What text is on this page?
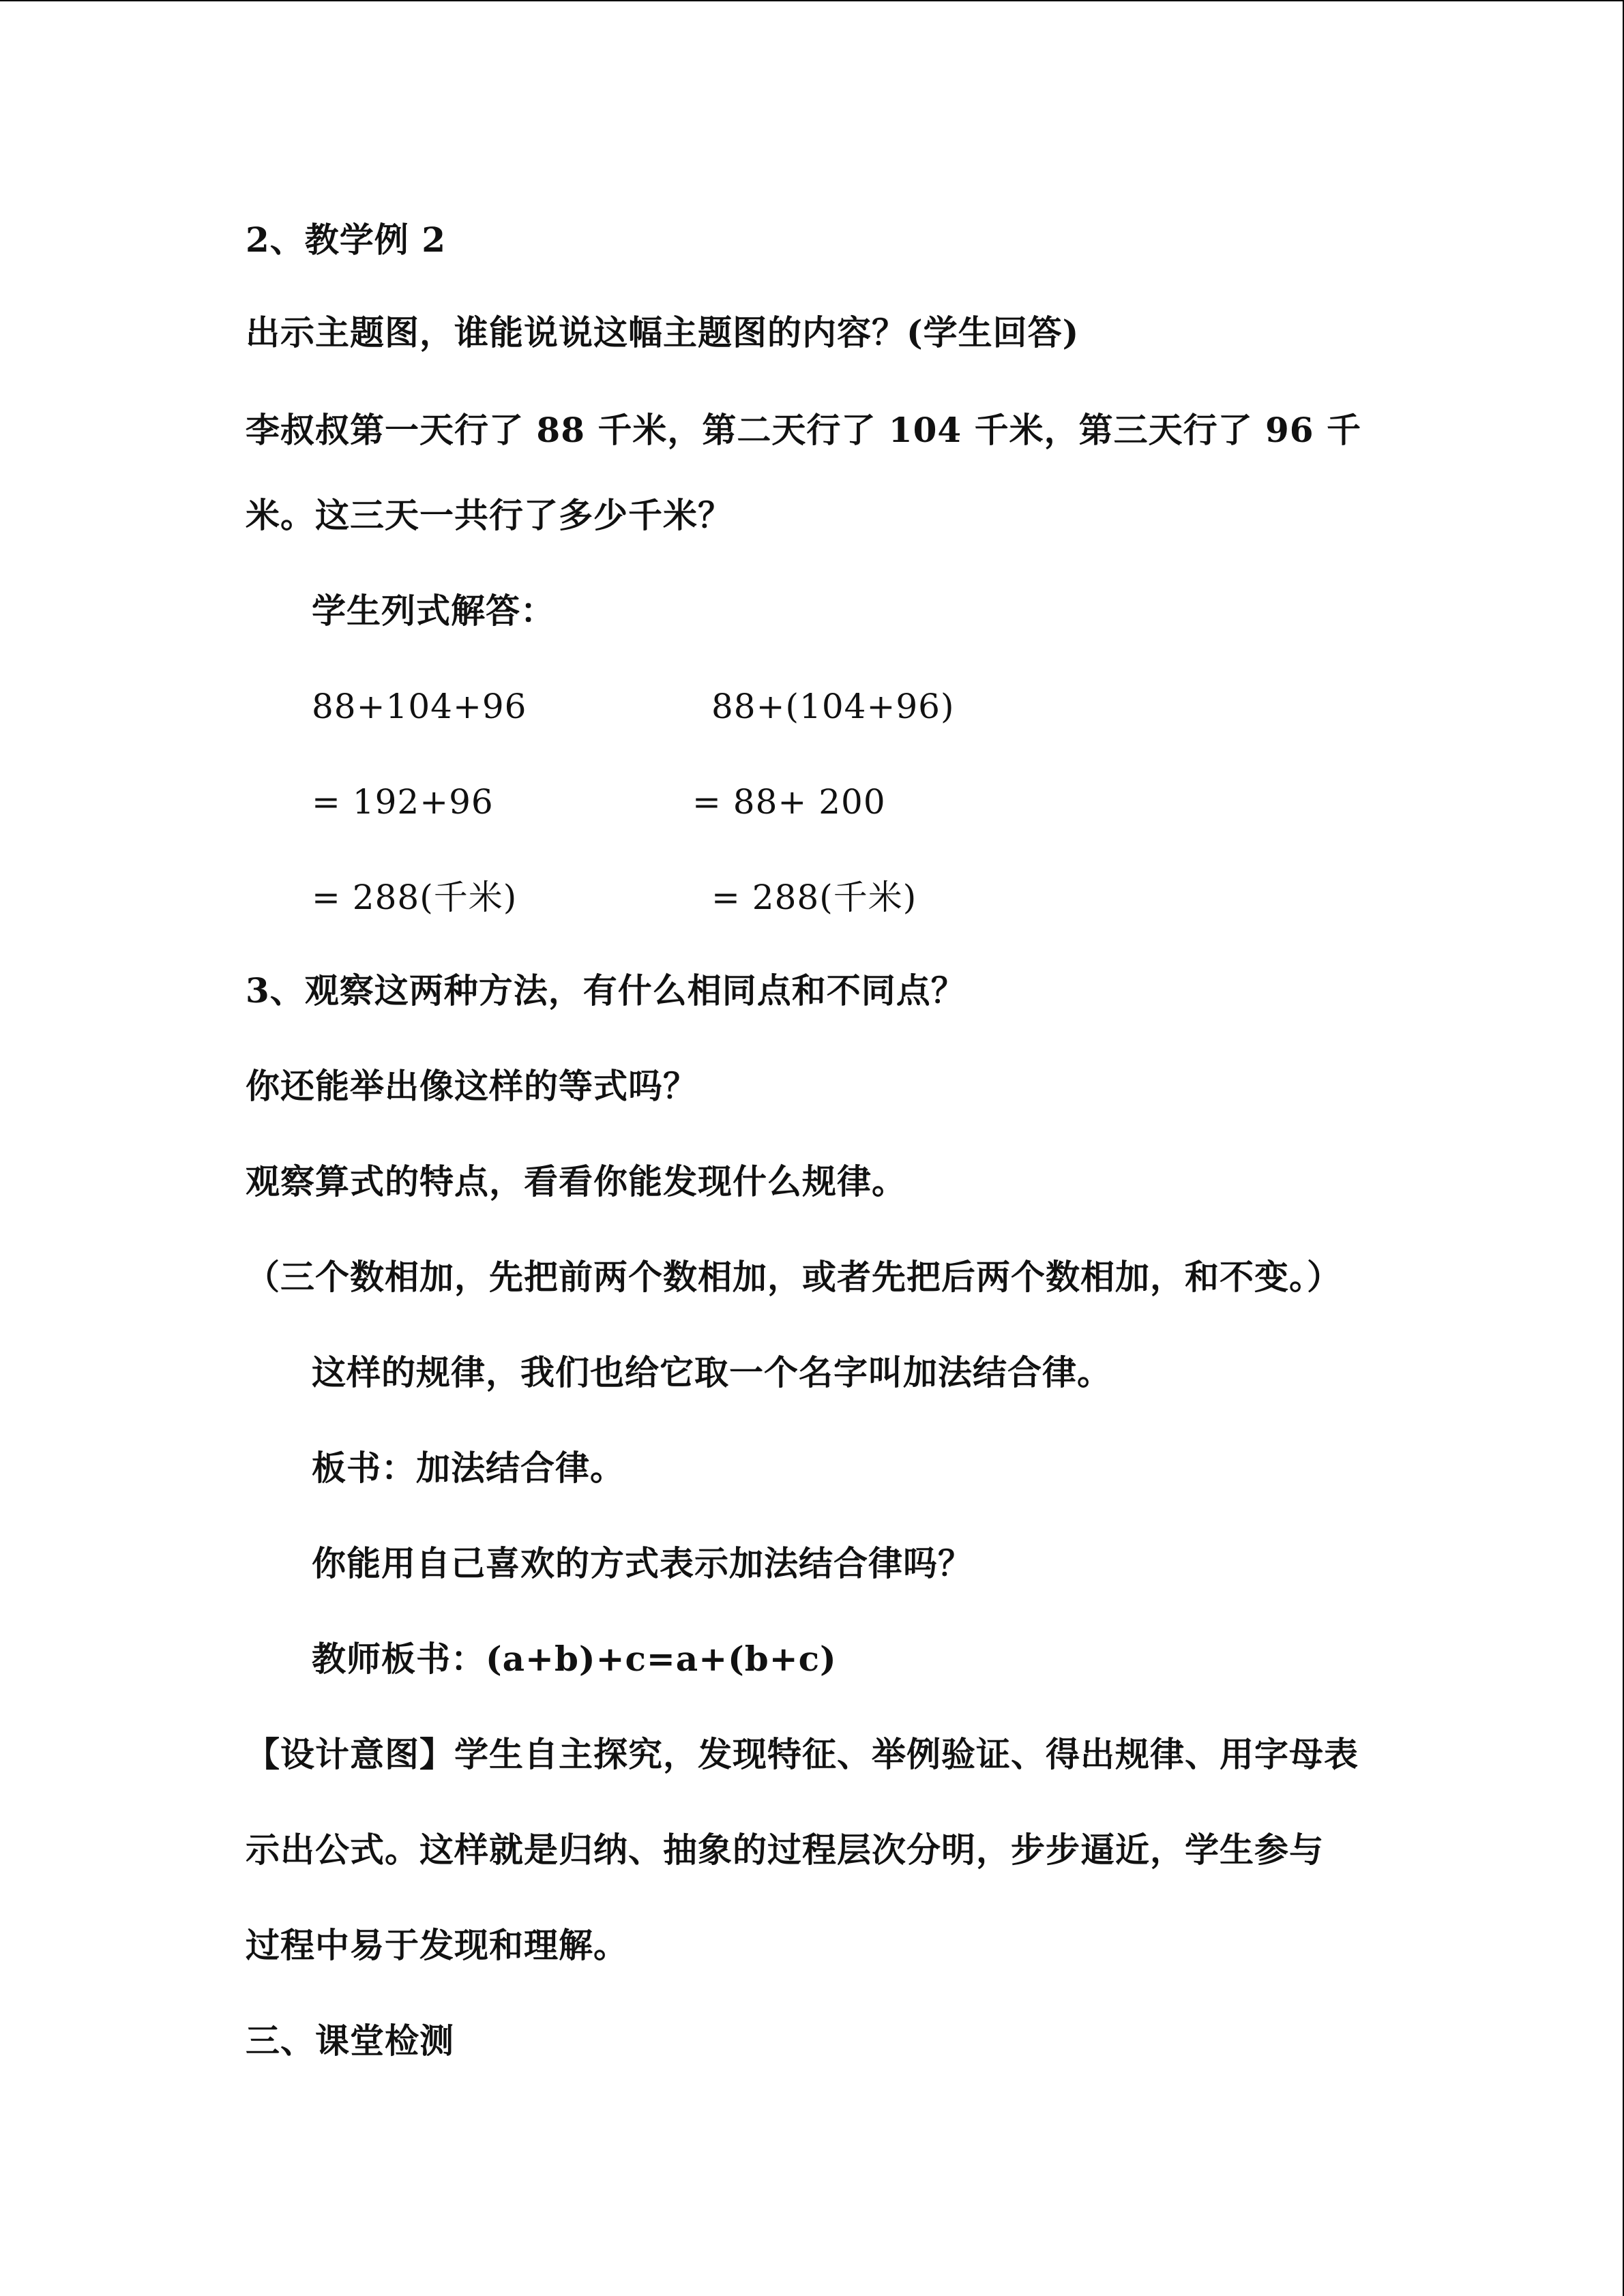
2、教学例 2
出示主题图，谁能说说这幅主题图的内容？(学生回答)
李叔叔第一天行了 88 千米，第二天行了 104 千米，第三天行了 96 千
米。这三天一共行了多少千米？
学生列式解答：
88+104+96	88+(104+96)
= 192+96	= 88+ 200
= 288(千米)	= 288(千米)
3、观察这两种方法，有什么相同点和不同点？
你还能举出像这样的等式吗？
观察算式的特点，看看你能发现什么规律。
（三个数相加，先把前两个数相加，或者先把后两个数相加，和不变。）
这样的规律，我们也给它取一个名字叫加法结合律。
板书：加法结合律。
你能用自己喜欢的方式表示加法结合律吗？
教师板书：(a+b)+c=a+(b+c)
【设计意图】学生自主探究，发现特征、举例验证、得出规律、用字母表
示出公式。这样就是归纳、抽象的过程层次分明，步步逼近，学生参与
过程中易于发现和理解。
三、课堂检测
